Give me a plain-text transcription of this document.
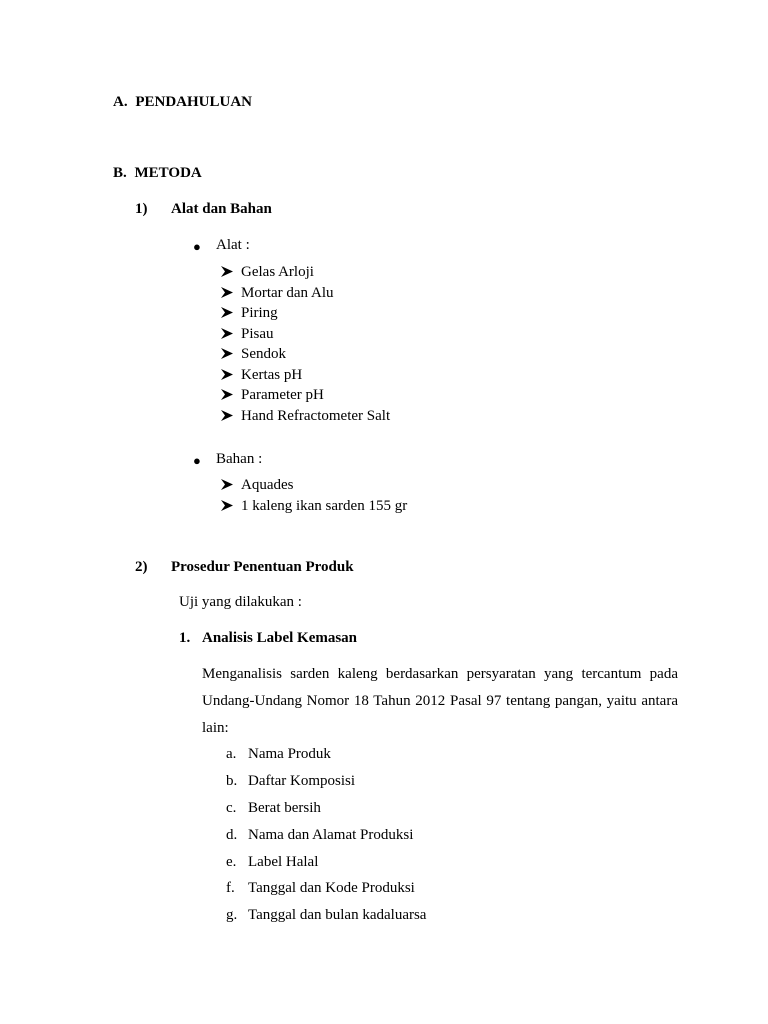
A. PENDAHULUAN
B. METODA
1) Alat dan Bahan
● Alat :
Gelas Arloji
Mortar dan Alu
Piring
Pisau
Sendok
Kertas pH
Parameter pH
Hand Refractometer Salt
● Bahan :
Aquades
1 kaleng ikan sarden 155 gr
2) Prosedur Penentuan Produk
Uji yang dilakukan :
1. Analisis Label Kemasan
Menganalisis sarden kaleng berdasarkan persyaratan yang tercantum pada Undang-Undang Nomor 18 Tahun 2012 Pasal 97 tentang pangan, yaitu antara lain:
a. Nama Produk
b. Daftar Komposisi
c. Berat bersih
d. Nama dan Alamat Produksi
e. Label Halal
f. Tanggal dan Kode Produksi
g. Tanggal dan bulan kadaluarsa
